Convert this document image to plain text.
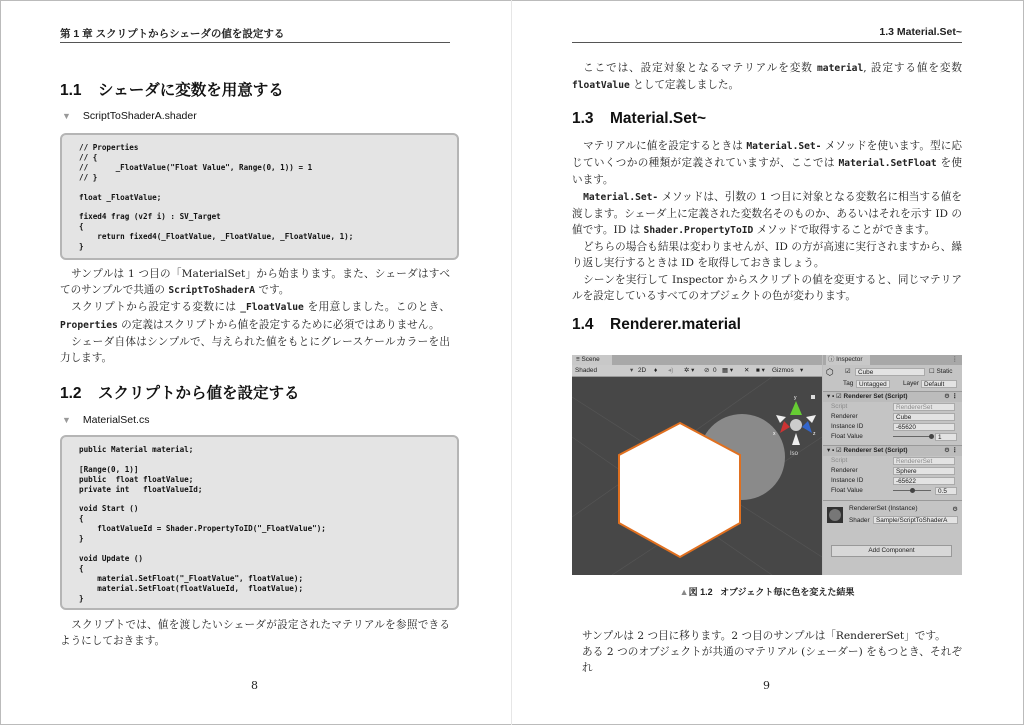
第 1 章 スクリプトからシェーダの値を設定する
1.1 シェーダに変数を用意する
▼ ScriptToShaderA.shader
// Properties
// {
//      _FloatValue("Float Value", Range(0, 1)) = 1
// }

float _FloatValue;

fixed4 frag (v2f i) : SV_Target
{
return fixed4(_FloatValue, _FloatValue, _FloatValue, 1);
}
サンプルは 1 つ目の「MaterialSet」から始まります。また、シェーダはすべてのサンプルで共通の ScriptToShaderA です。
スクリプトから設定する変数には _FloatValue を用意しました。このとき、Properties の定義はスクリプトから値を設定するために必須ではありません。
シェーダ自体はシンプルで、与えられた値をもとにグレースケールカラーを出力します。
1.2 スクリプトから値を設定する
▼ MaterialSet.cs
public Material material;

[Range(0, 1)]
public  float floatValue;
private int   floatValueId;

void Start ()
{
floatValueId = Shader.PropertyToID("_FloatValue");
}

void Update ()
{
material.SetFloat("_FloatValue", floatValue);
material.SetFloat(floatValueId,  floatValue);
}
スクリプトでは、値を渡したいシェーダが設定されたマテリアルを参照できるようにしておきます。
8
1.3 Material.Set~
ここでは、設定対象となるマテリアルを変数 material, 設定する値を変数 floatValue として定義しました。
1.3 Material.Set~
マテリアルに値を設定するときは Material.Set- メソッドを使います。型に応じていくつかの種類が定義されていますが、ここでは Material.SetFloat を使います。
Material.Set- メソッドは、引数の 1 つ目に対象となる変数名に相当する値を渡します。シェーダ上に定義された変数名そのものか、あるいはそれを示す ID の値です。ID は Shader.PropertyToID メソッドで取得することができます。
どちらの場合も結果は変わりませんが、ID の方が高速に実行されますから、繰り返し実行するときは ID を取得しておきましょう。
シーンを実行して Inspector からスクリプトの値を変更すると、同じマテリアルを設定しているすべてのオブジェクトの色が変わります。
1.4 Renderer.material
≡ Scene
Shaded	▾ 2D ♦ ◂) ✲ ▾ ⊘ 0 ▦ ▾ ✕ ■ ▾ Gizmos ▾
y
x	z
Iso
ⓘ Inspector	⋮
⬡ ☑	Cube	☐ Static
Tag Untagged	Layer Default
▾ ▪ ☑ Renderer Set (Script)	⚙ ⋮
Script	RendererSet
Renderer	Cube
Instance ID	-65620
Float Value	1
▾ ▪ ☑ Renderer Set (Script)	⚙ ⋮
Script	RendererSet
Renderer	Sphere
Instance ID	-65622
Float Value	0.5
RendererSet (Instance)	⚙
Shader Sample/ScriptToShaderA
Add Component
▲図 1.2 オブジェクト毎に色を変えた結果
サンプルは 2 つ目に移ります。2 つ目のサンプルは「RendererSet」です。
ある 2 つのオブジェクトが共通のマテリアル (シェーダー) をもつとき、それぞれ
9
